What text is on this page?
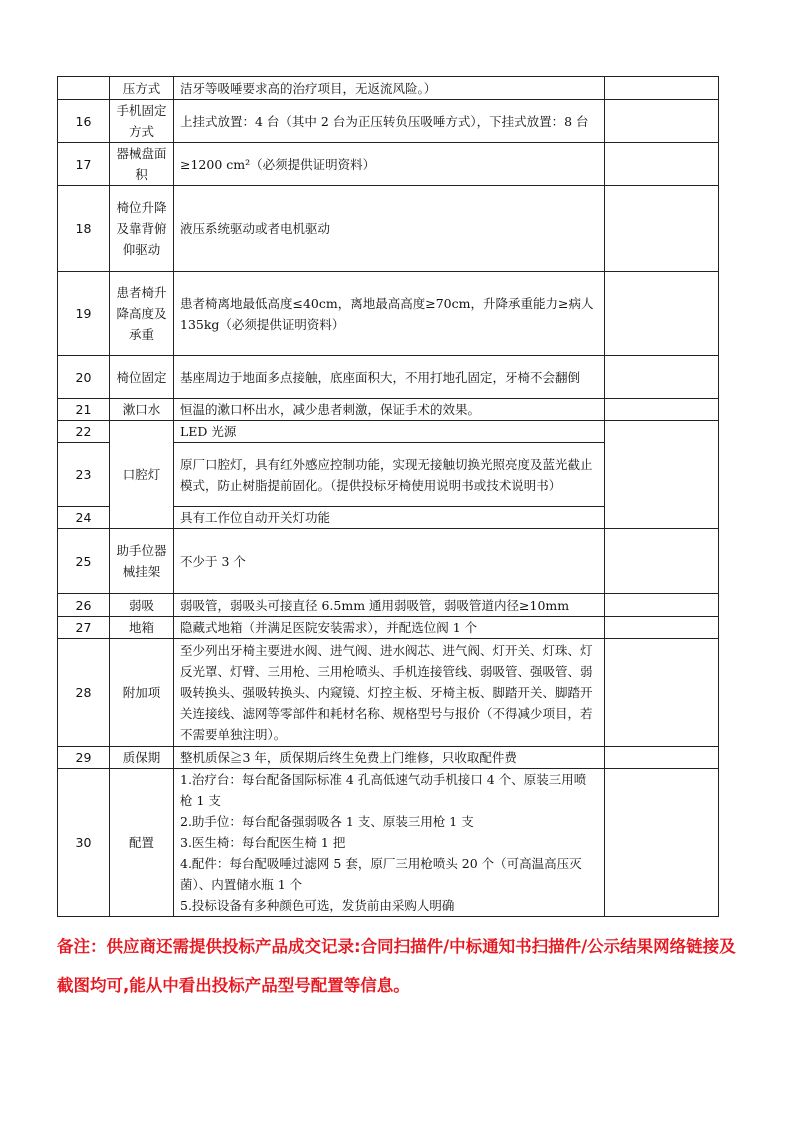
	压方式	洁牙等吸唾要求高的治疗项目，无返流风险。）	
16	手机固定方式	上挂式放置：4 台（其中 2 台为正压转负压吸唾方式），下挂式放置：8 台	
17	器械盘面积	≥1200 cm²（必须提供证明资料）	
18	椅位升降及靠背俯仰驱动	液压系统驱动或者电机驱动	
19	患者椅升降高度及承重	患者椅离地最低高度≤40cm，离地最高高度≥70cm，升降承重能力≥病人 135kg（必须提供证明资料）	
20	椅位固定	基座周边于地面多点接触，底座面积大，不用打地孔固定，牙椅不会翻倒	
21	漱口水	恒温的漱口杯出水，减少患者刺激，保证手术的效果。	
22	口腔灯	LED 光源	
23		原厂口腔灯，具有红外感应控制功能，实现无接触切换光照亮度及蓝光截止模式，防止树脂提前固化。（提供投标牙椅使用说明书或技术说明书）	
24		具有工作位自动开关灯功能	
25	助手位器械挂架	不少于 3 个	
26	弱吸	弱吸管，弱吸头可接直径 6.5mm 通用弱吸管，弱吸管道内径≥10mm	
27	地箱	隐藏式地箱（并满足医院安装需求），并配选位阀 1 个	
28	附加项	至少列出牙椅主要进水阀、进气阀、进水阀芯、进气阀、灯开关、灯珠、灯反光罩、灯臂、三用枪、三用枪喷头、手机连接管线、弱吸管、强吸管、弱吸转换头、强吸转换头、内窥镜、灯控主板、牙椅主板、脚踏开关、脚踏开关连接线、滤网等零部件和耗材名称、规格型号与报价（不得减少项目，若不需要单独注明）。	
29	质保期	整机质保≧3 年，质保期后终生免费上门维修，只收取配件费	
30	配置	1.治疗台：每台配备国际标准 4 孔高低速气动手机接口 4 个、原装三用喷枪 1 支
2.助手位：每台配备强弱吸各 1 支、原装三用枪 1 支
3.医生椅：每台配医生椅 1 把
4.配件：每台配吸唾过滤网 5 套，原厂三用枪喷头 20 个（可高温高压灭菌）、内置储水瓶 1 个
5.投标设备有多种颜色可选，发货前由采购人明确	

备注：供应商还需提供投标产品成交记录:合同扫描件/中标通知书扫描件/公示结果网络链接及截图均可,能从中看出投标产品型号配置等信息。
